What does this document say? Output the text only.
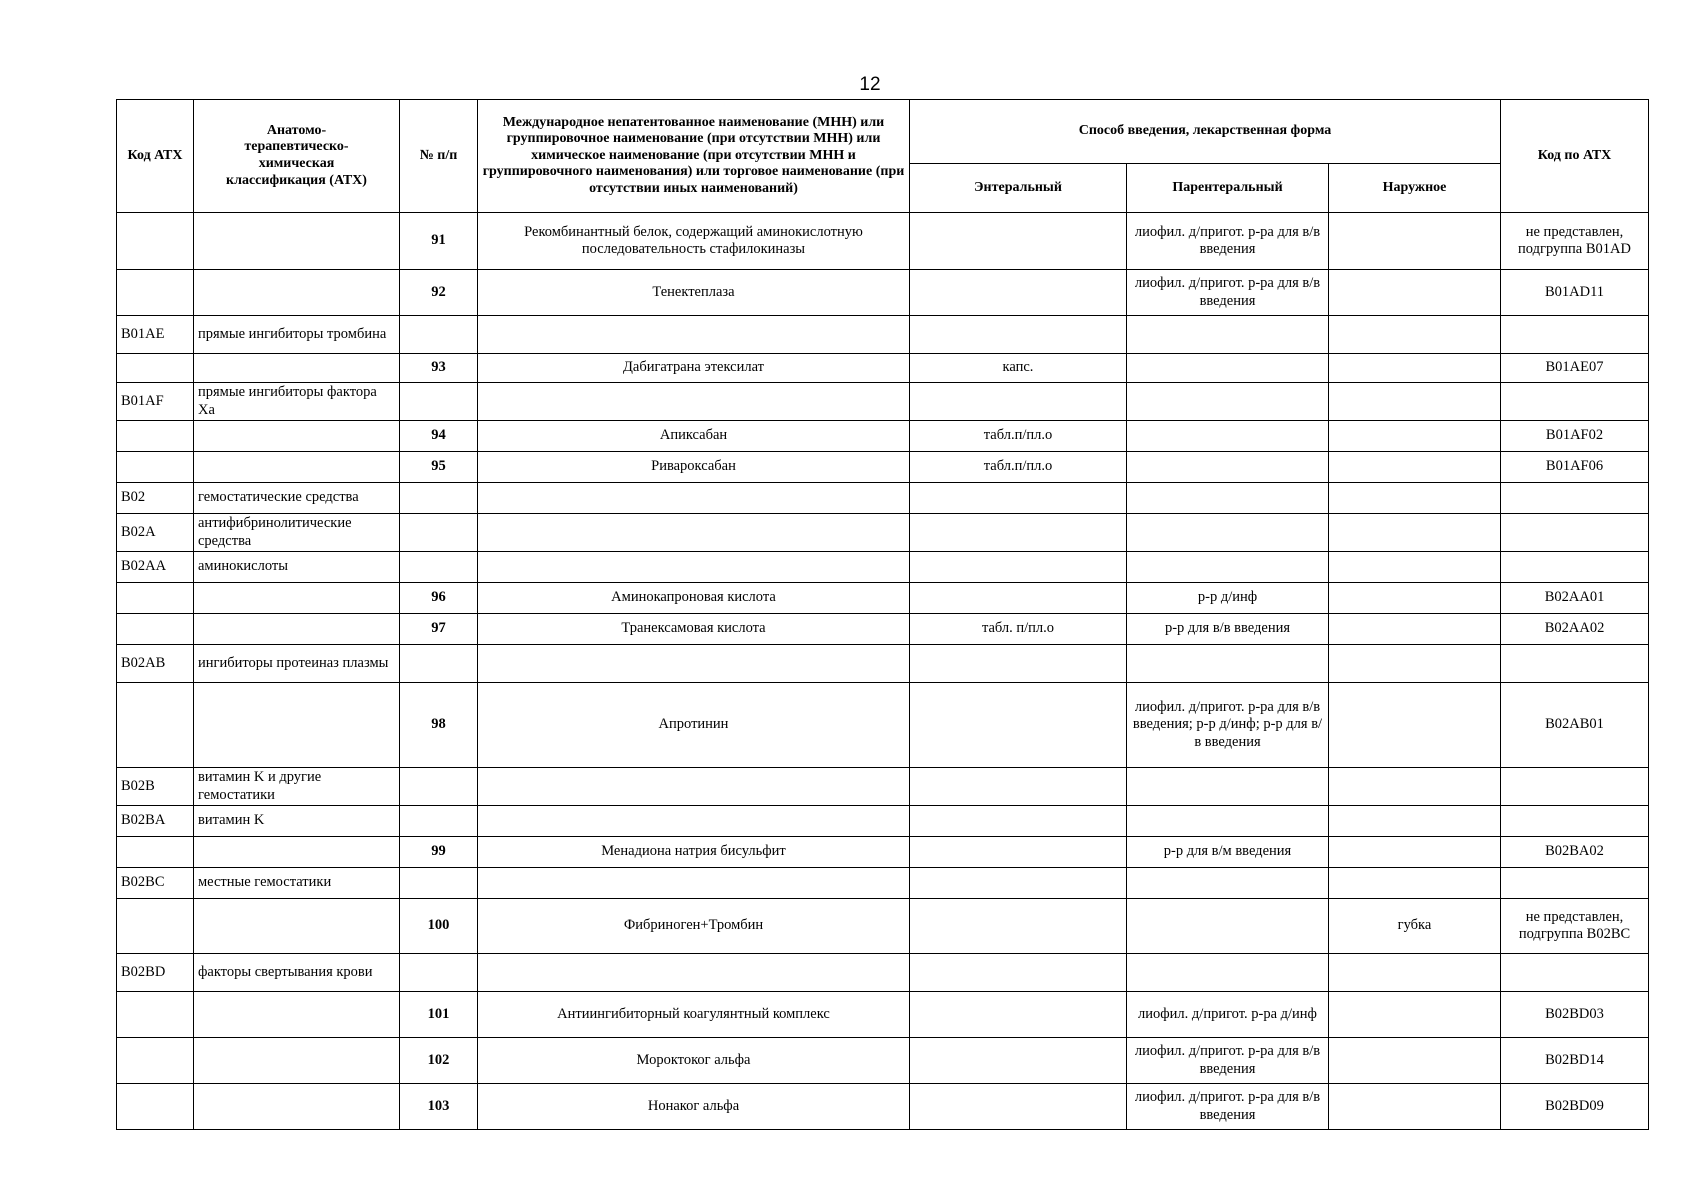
12
Код АТХ	Анатомо-терапевтическо-химическая классификация (АТХ)	№ п/п	Международное непатентованное наименование (МНН) или группировочное наименование (при отсутствии МНН) или химическое наименование (при отсутствии МНН и группировочного наименования) или торговое наименование (при отсутствии иных наименований)	Способ введения, лекарственная форма			Код по АТХ
				Энтеральный	Парентеральный	Наружное	
		91	Рекомбинантный белок, содержащий аминокислотную последовательность стафилокиназы		лиофил. д/пригот. р-ра для в/в введения		не представлен, подгруппа B01AD
		92	Тенектеплаза		лиофил. д/пригот. р-ра для в/в введения		B01AD11
B01AE	прямые ингибиторы тромбина						
		93	Дабигатрана этексилат	капс.			B01AE07
B01AF	прямые ингибиторы фактора Ха						
		94	Апиксабан	табл.п/пл.о			B01AF02
		95	Ривароксабан	табл.п/пл.о			B01AF06
B02	гемостатические средства						
B02A	антифибринолитические средства						
B02AA	аминокислоты						
		96	Аминокапроновая кислота		р-р д/инф		B02AA01
		97	Транексамовая кислота	табл. п/пл.о	р-р для в/в введения		B02AA02
B02AB	ингибиторы протеиназ плазмы						
		98	Апротинин		лиофил. д/пригот. р-ра для в/в введения; р-р д/инф; р-р для в/в введения		B02AB01
B02B	витамин K и другие гемостатики						
B02BA	витамин K						
		99	Менадиона натрия бисульфит		р-р для в/м введения		B02BA02
B02BC	местные гемостатики						
		100	Фибриноген+Тромбин			губка	не представлен, подгруппа B02BC
B02BD	факторы свертывания крови						
		101	Антиингибиторный коагулянтный комплекс		лиофил. д/пригот. р-ра д/инф		B02BD03
		102	Мороктоког альфа		лиофил. д/пригот. р-ра для в/в введения		B02BD14
		103	Нонаког альфа		лиофил. д/пригот. р-ра для в/в введения		B02BD09
